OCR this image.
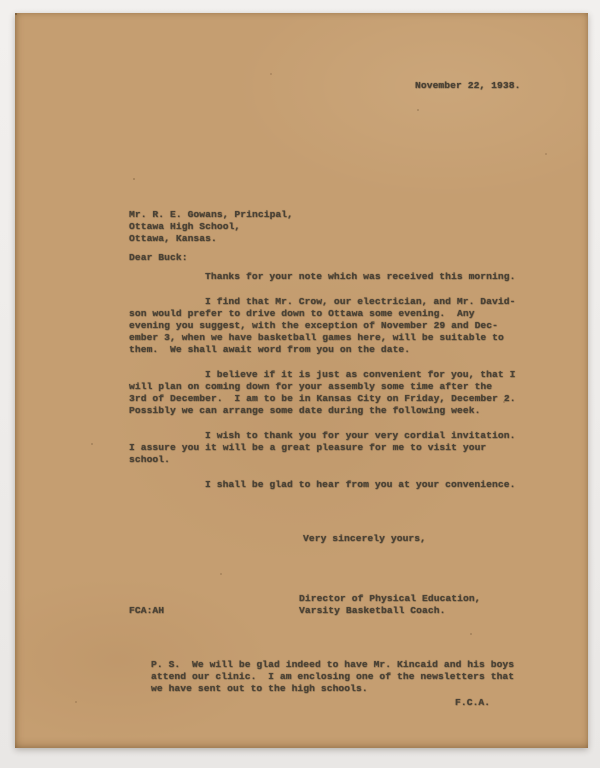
November 22, 1938.
Mr. R. E. Gowans, Principal,
Ottawa High School,
Ottawa, Kansas.
Dear Buck:
Thanks for your note which was received this morning.
I find that Mr. Crow, our electrician, and Mr. David-
son would prefer to drive down to Ottawa some evening.  Any
evening you suggest, with the exception of November 29 and Dec-
ember 3, when we have basketball games here, will be suitable to
them.  We shall await word from you on the date.
I believe if it is just as convenient for you, that I
will plan on coming down for your assembly some time after the
3rd of December.  I am to be in Kansas City on Friday, December 2.
Possibly we can arrange some date during the following week.
I wish to thank you for your very cordial invitation.
I assure you it will be a great pleasure for me to visit your
school.
I shall be glad to hear from you at your convenience.
Very sincerely yours,
Director of Physical Education,
Varsity Basketball Coach.
FCA:AH
P. S.  We will be glad indeed to have Mr. Kincaid and his boys
attend our clinic.  I am enclosing one of the newsletters that
we have sent out to the high schools.
F.C.A.
